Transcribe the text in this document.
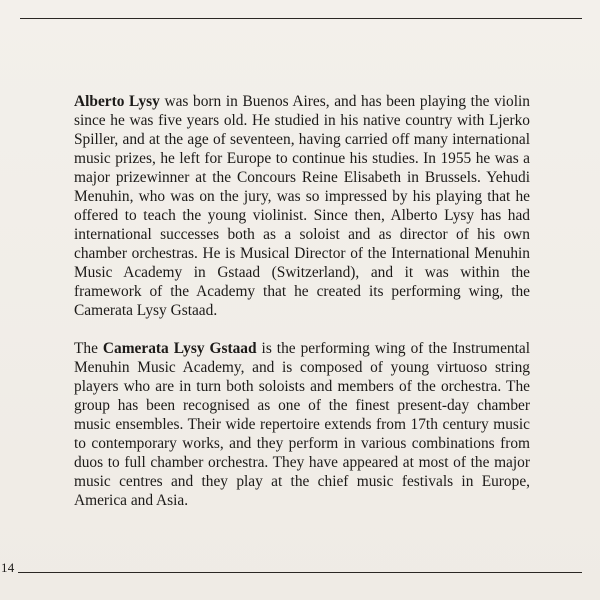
Alberto Lysy was born in Buenos Aires, and has been playing the violin since he was five years old. He studied in his native country with Ljerko Spiller, and at the age of seventeen, having carried off many international music prizes, he left for Europe to continue his studies. In 1955 he was a major prizewinner at the Concours Reine Elisabeth in Brussels. Yehudi Menuhin, who was on the jury, was so impressed by his playing that he offered to teach the young violinist. Since then, Alberto Lysy has had international successes both as a soloist and as director of his own chamber orchestras. He is Musical Director of the International Menuhin Music Academy in Gstaad (Switzerland), and it was within the framework of the Academy that he created its performing wing, the Camerata Lysy Gstaad.

The Camerata Lysy Gstaad is the performing wing of the Instrumental Menuhin Music Academy, and is composed of young virtuoso string players who are in turn both soloists and members of the orchestra. The group has been recognised as one of the finest present-day chamber music ensembles. Their wide repertoire extends from 17th century music to contemporary works, and they perform in various combinations from duos to full chamber orchestra. They have appeared at most of the major music centres and they play at the chief music festivals in Europe, America and Asia.

14
